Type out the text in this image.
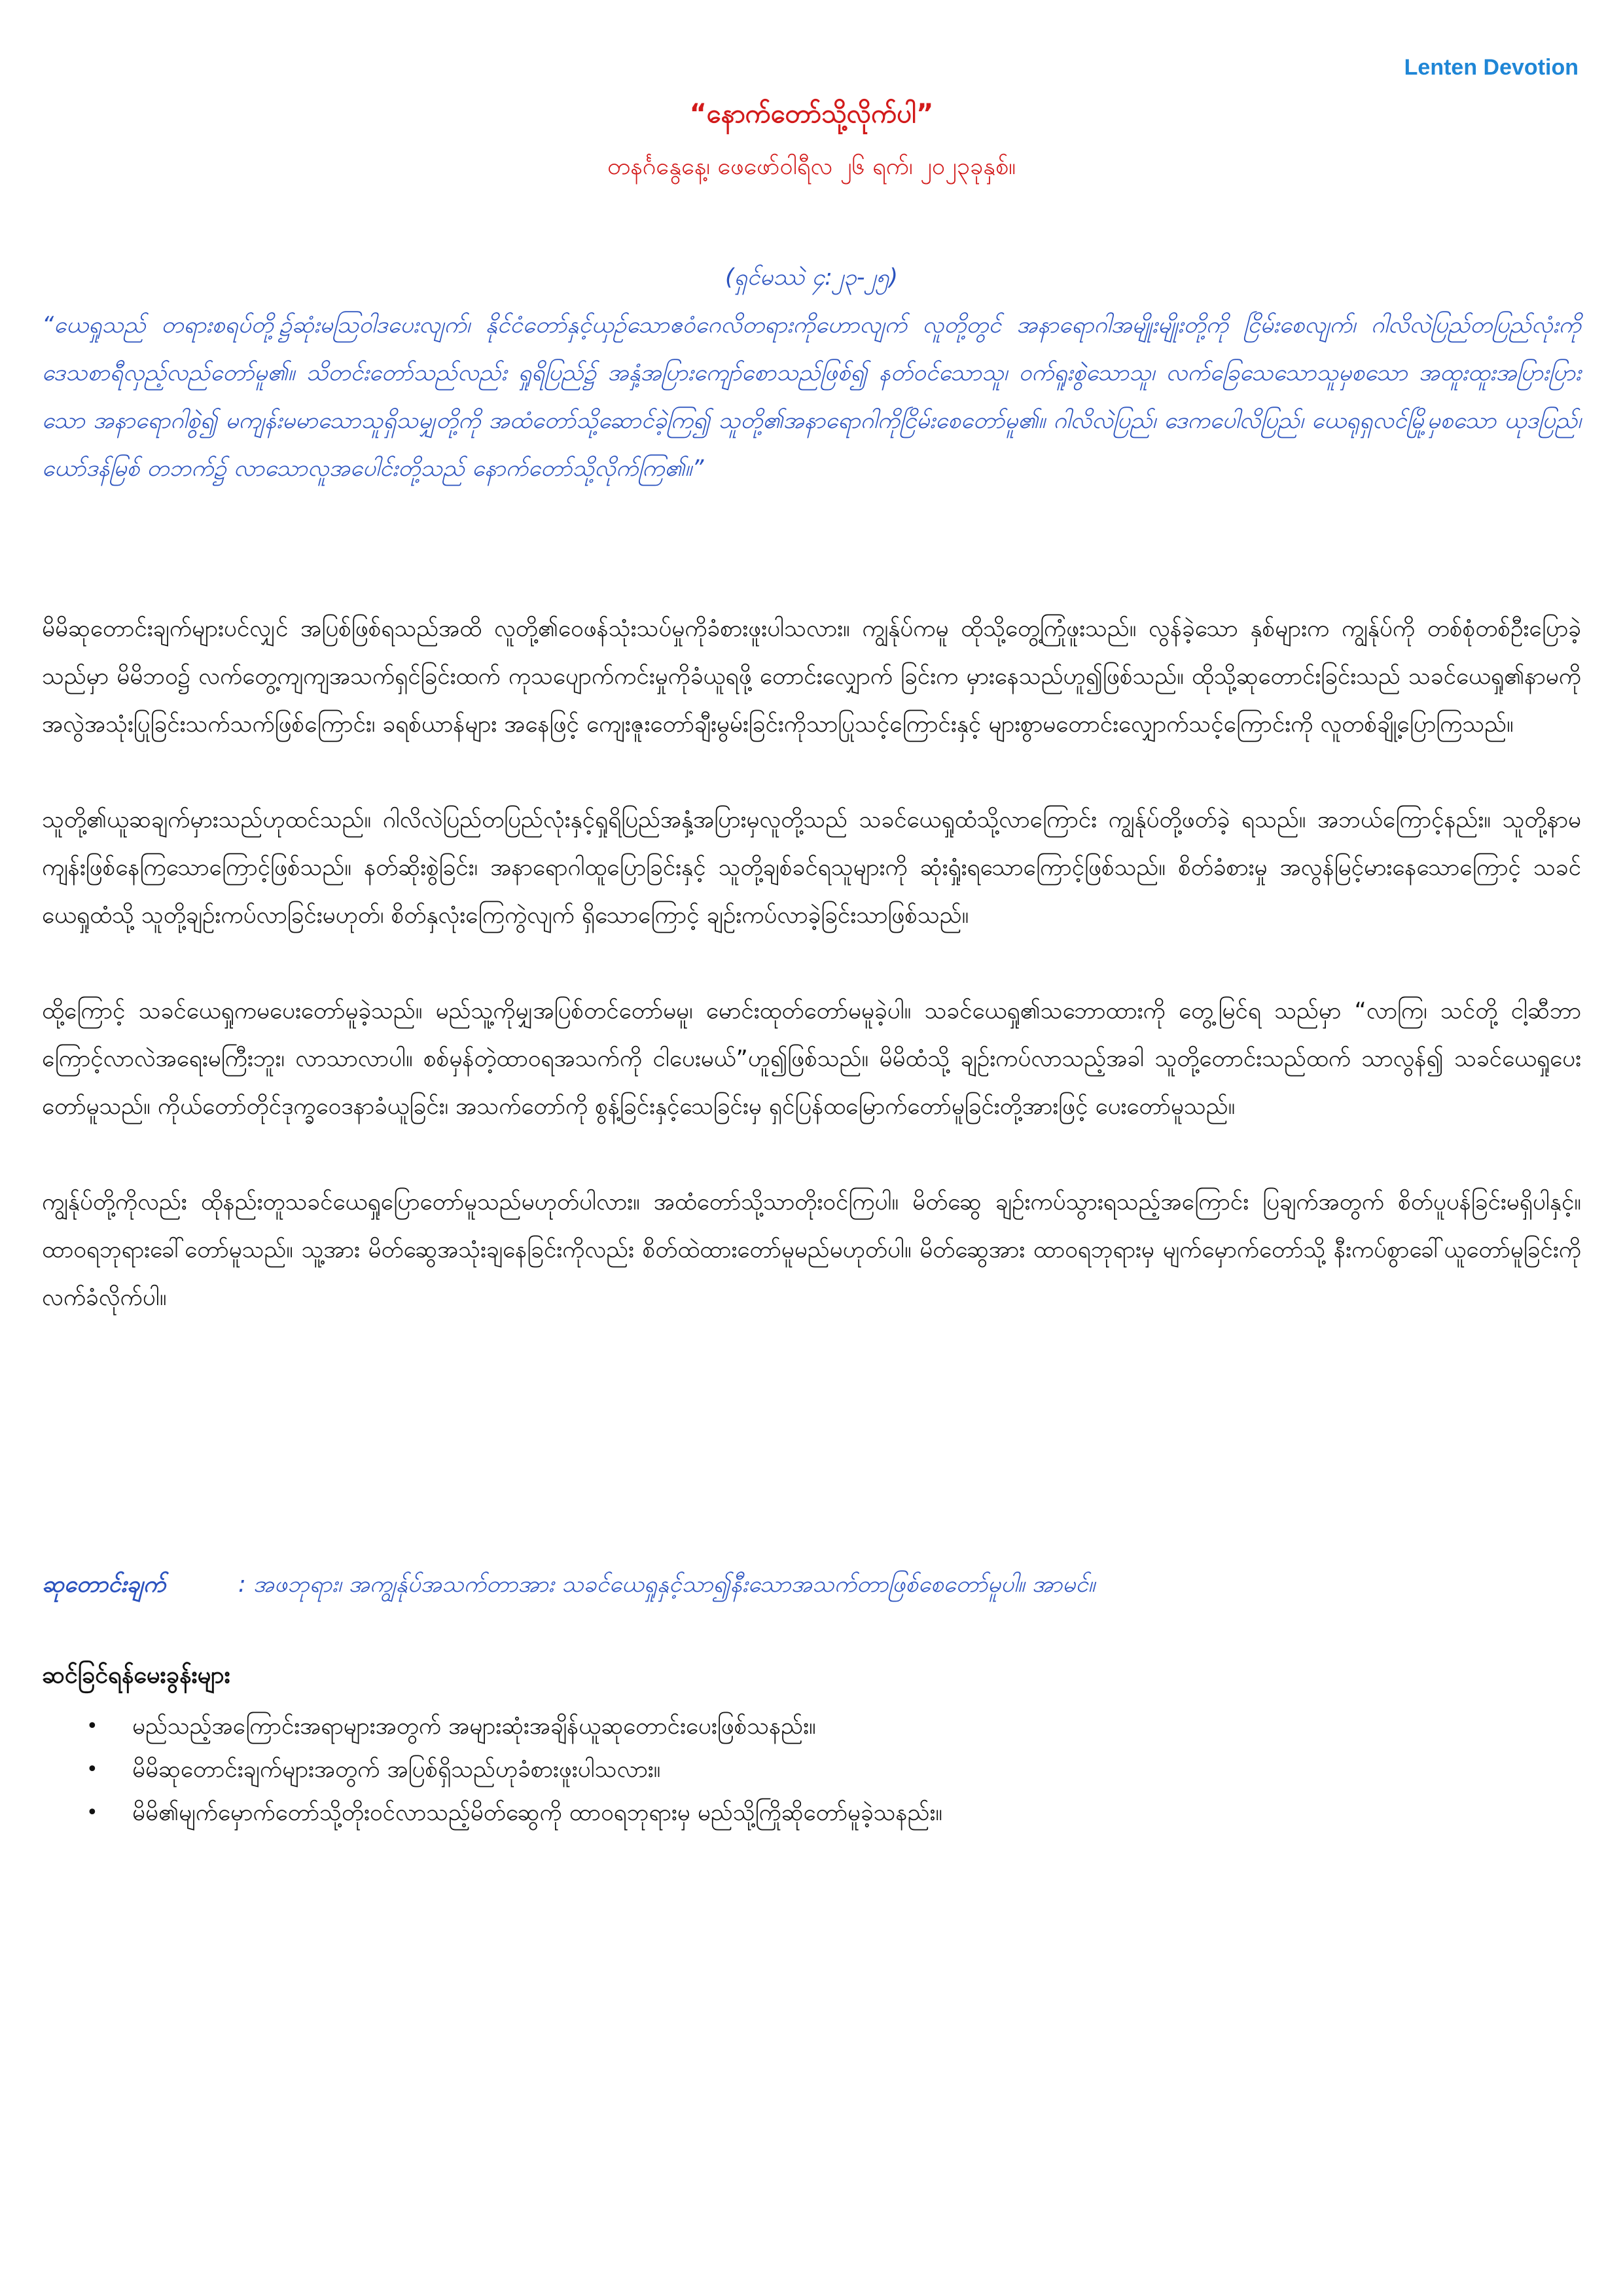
Lenten Devotion
“နောက်တော်သို့လိုက်ပါ”
တနင်္ဂနွေနေ့၊ ဖေဖော်ဝါရီလ ၂၆ ရက်၊ ၂၀၂၃ခုနှစ်။
(ရှင်မဿဲ ၄:၂၃-၂၅)
“ယေရှုသည် တရားစရပ်တို့၌ဆုံးမဩဝါဒပေးလျက်၊ နိုင်ငံတော်နှင့်ယှဉ်သောဧဝံဂေလိတရားကိုဟောလျက် လူတို့တွင် အနာရောဂါအမျိုးမျိုးတို့ကို ငြိမ်းစေလျက်၊ ဂါလိလဲပြည်တပြည်လုံးကို ဒေသစာရီလှည့်လည်တော်မူ၏။ သိတင်းတော်သည်လည်း ရှုရိပြည်၌ အနှံ့အပြားကျော်စောသည်ဖြစ်၍ နတ်ဝင်သောသူ၊ ဝက်ရူးစွဲသောသူ၊ လက်ခြေသေသောသူမှစသော အထူးထူးအပြားပြားသော အနာရောဂါစွဲ၍ မကျန်းမမာသောသူရှိသမျှတို့ကို အထံတော်သို့ဆောင်ခဲ့ကြ၍ သူတို့၏အနာရောဂါကိုငြိမ်းစေတော်မူ၏။ ဂါလိလဲပြည်၊ ဒေကပေါလိပြည်၊ ယေရုရှလင်မြို့မှစသော ယုဒပြည်၊ ယော်ဒန်မြစ် တဘက်၌ လာသောလူအပေါင်းတို့သည် နောက်တော်သို့လိုက်ကြ၏။”

မိမိဆုတောင်းချက်များပင်လျှင် အပြစ်ဖြစ်ရသည်အထိ လူတို့၏ဝေဖန်သုံးသပ်မှုကိုခံစားဖူးပါသလား။ ကျွန်ုပ်ကမူ ထိုသို့တွေ့ကြုံဖူးသည်။ လွန်ခဲ့သော နှစ်များက ကျွန်ုပ်ကို တစ်စုံတစ်ဦးပြောခဲ့သည်မှာ မိမိဘဝ၌ လက်တွေ့ကျကျအသက်ရှင်ခြင်းထက် ကုသပျောက်ကင်းမှုကိုခံယူရဖို့ တောင်းလျှောက် ခြင်းက မှားနေသည်ဟူ၍ဖြစ်သည်။ ထိုသို့ဆုတောင်းခြင်းသည် သခင်ယေရှု၏နာမကို အလွဲအသုံးပြုခြင်းသက်သက်ဖြစ်ကြောင်း၊ ခရစ်ယာန်များ အနေဖြင့် ကျေးဇူးတော်ချီးမွမ်းခြင်းကိုသာပြုသင့်ကြောင်းနှင့် များစွာမတောင်းလျှောက်သင့်ကြောင်းကို လူတစ်ချို့ပြောကြသည်။

သူတို့၏ယူဆချက်မှားသည်ဟုထင်သည်။ ဂါလိလဲပြည်တပြည်လုံးနှင့်ရှုရိပြည်အနှံ့အပြားမှလူတို့သည် သခင်ယေရှုထံသို့လာကြောင်း ကျွန်ုပ်တို့ဖတ်ခဲ့ ရသည်။ အဘယ်ကြောင့်နည်း။ သူတို့နာမကျန်းဖြစ်နေကြသောကြောင့်ဖြစ်သည်။ နတ်ဆိုးစွဲခြင်း၊ အနာရောဂါထူပြောခြင်းနှင့် သူတို့ချစ်ခင်ရသူများကို ဆုံးရှုံးရသောကြောင့်ဖြစ်သည်။ စိတ်ခံစားမှု အလွန်မြင့်မားနေသောကြောင့် သခင်ယေရှုထံသို့ သူတို့ချဉ်းကပ်လာခြင်းမဟုတ်၊ စိတ်နှလုံးကြေကွဲလျက် ရှိသောကြောင့် ချဉ်းကပ်လာခဲ့ခြင်းသာဖြစ်သည်။

ထို့ကြောင့် သခင်ယေရှုကမပေးတော်မူခဲ့သည်။ မည်သူ့ကိုမျှအပြစ်တင်တော်မမူ၊ မောင်းထုတ်တော်မမူခဲ့ပါ။ သခင်ယေရှု၏သဘောထားကို တွေ့မြင်ရ သည်မှာ “လာကြ၊ သင်တို့ ငါ့ဆီဘာကြောင့်လာလဲအရေးမကြီးဘူး၊ လာသာလာပါ။ စစ်မှန်တဲ့ထာဝရအသက်ကို ငါပေးမယ်”ဟူ၍ဖြစ်သည်။ မိမိထံသို့ ချဉ်းကပ်လာသည့်အခါ သူတို့တောင်းသည်ထက် သာလွန်၍ သခင်ယေရှုပေးတော်မူသည်။ ကိုယ်တော်တိုင်ဒုက္ခဝေဒနာခံယူခြင်း၊ အသက်တော်ကို စွန့်ခြင်းနှင့်သေခြင်းမှ ရှင်ပြန်ထမြောက်တော်မူခြင်းတို့အားဖြင့် ပေးတော်မူသည်။

ကျွန်ုပ်တို့ကိုလည်း ထိုနည်းတူသခင်ယေရှုပြောတော်မူသည်မဟုတ်ပါလား။ အထံတော်သို့သာတိုးဝင်ကြပါ။ မိတ်ဆွေ ချဉ်းကပ်သွားရသည့်အကြောင်း ပြချက်အတွက် စိတ်ပူပန်ခြင်းမရှိပါနှင့်။ ထာဝရဘုရားခေါ်တော်မူသည်။ သူ့အား မိတ်ဆွေအသုံးချနေခြင်းကိုလည်း စိတ်ထဲထားတော်မူမည်မဟုတ်ပါ။ မိတ်ဆွေအား ထာဝရဘုရားမှ မျက်မှောက်တော်သို့ နီးကပ်စွာခေါ်ယူတော်မူခြင်းကို လက်ခံလိုက်ပါ။

ဆုတောင်းချက်	: အဖဘုရား၊ အကျွန်ုပ်အသက်တာအား သခင်ယေရှုနှင့်သာ၍နီးသောအသက်တာဖြစ်စေတော်မူပါ။ အာမင်။
ဆင်ခြင်ရန်မေးခွန်းများ
• မည်သည့်အကြောင်းအရာများအတွက် အများဆုံးအချိန်ယူဆုတောင်းပေးဖြစ်သနည်း။
• မိမိဆုတောင်းချက်များအတွက် အပြစ်ရှိသည်ဟုခံစားဖူးပါသလား။
• မိမိ၏မျက်မှောက်တော်သို့တိုးဝင်လာသည့်မိတ်ဆွေကို ထာဝရဘုရားမှ မည်သို့ကြိုဆိုတော်မူခဲ့သနည်း။
